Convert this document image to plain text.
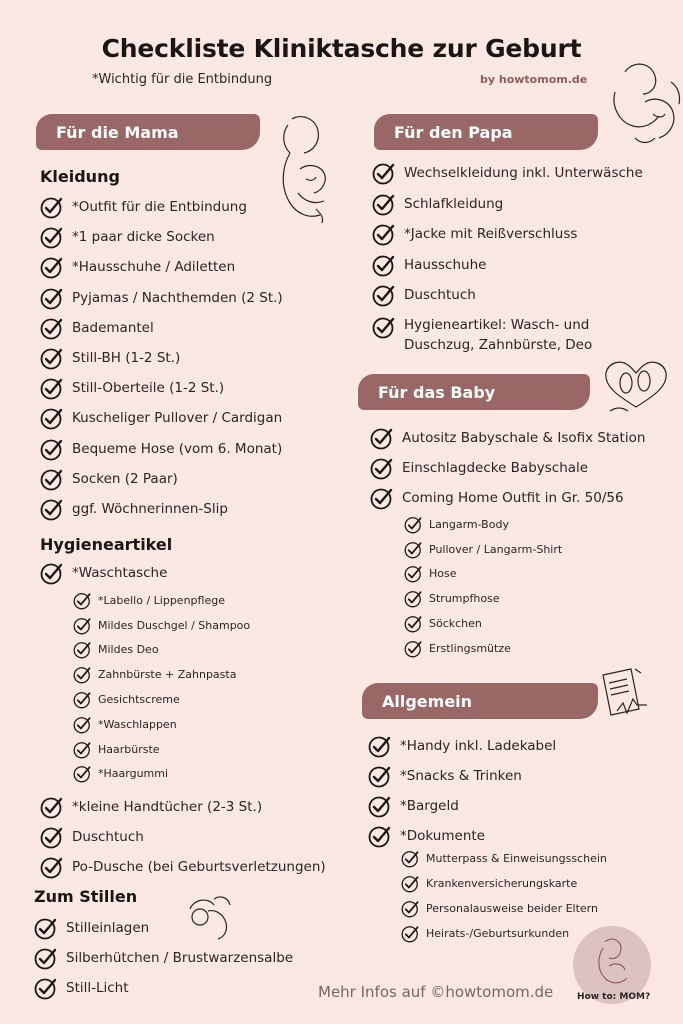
Checkliste Kliniktasche zur Geburt
*Wichtig für die Entbindung	by howtomom.de
Für die Mama
Kleidung
*Outfit für die Entbindung
*1 paar dicke Socken
*Hausschuhe / Adiletten
Pyjamas / Nachthemden (2 St.)
Bademantel
Still-BH (1-2 St.)
Still-Oberteile (1-2 St.)
Kuscheliger Pullover / Cardigan
Bequeme Hose (vom 6. Monat)
Socken (2 Paar)
ggf. Wöchnerinnen-Slip
Hygieneartikel
*Waschtasche
*Labello / Lippenpflege
Mildes Duschgel / Shampoo
Mildes Deo
Zahnbürste + Zahnpasta
Gesichtscreme
*Waschlappen
Haarbürste
*Haargummi
*kleine Handtücher (2-3 St.)
Duschtuch
Po-Dusche (bei Geburtsverletzungen)
Zum Stillen
Stilleinlagen
Silberhütchen / Brustwarzensalbe
Still-Licht
Für den Papa
Wechselkleidung inkl. Unterwäsche
Schlafkleidung
*Jacke mit Reißverschluss
Hausschuhe
Duschtuch
Hygieneartikel: Wasch- und Duschzug, Zahnbürste, Deo
Für das Baby
Autositz Babyschale & Isofix Station
Einschlagdecke Babyschale
Coming Home Outfit in Gr. 50/56
Langarm-Body
Pullover / Langarm-Shirt
Hose
Strumpfhose
Söckchen
Erstlingsmütze
Allgemein
*Handy inkl. Ladekabel
*Snacks & Trinken
*Bargeld
*Dokumente
Mutterpass & Einweisungsschein
Krankenversicherungskarte
Personalausweise beider Eltern
Heirats-/Geburtsurkunden
Mehr Infos auf ©howtomom.de	How to: MOM?
